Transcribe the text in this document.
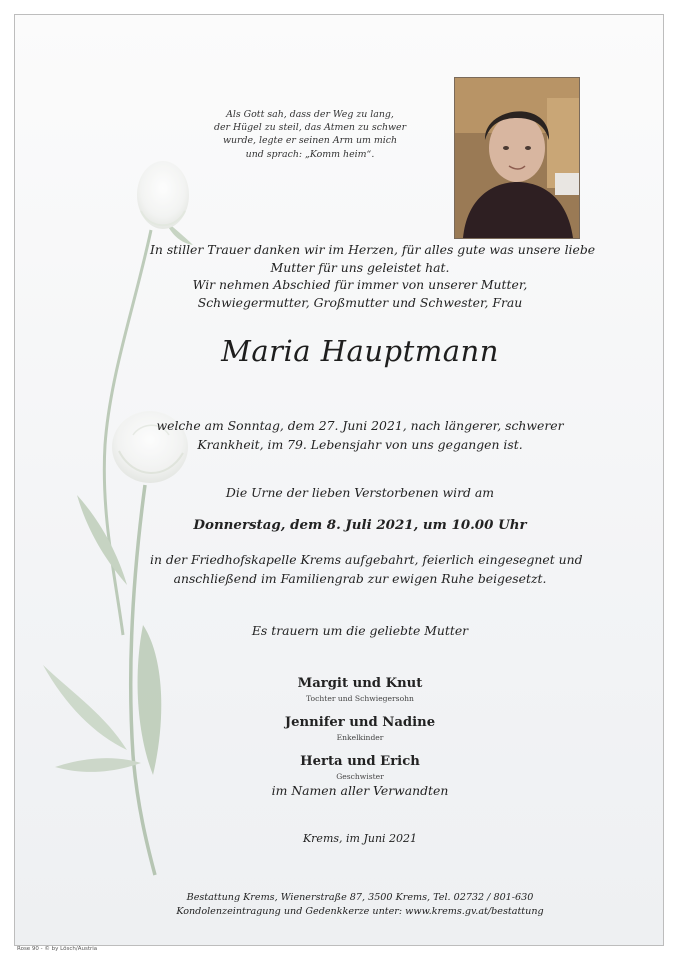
Als Gott sah, dass der Weg zu lang,
der Hügel zu steil, das Atmen zu schwer
wurde, legte er seinen Arm um mich
und sprach: „Komm heim“.
In stiller Trauer danken wir im Herzen, für alles gute was unsere liebe
Mutter für uns geleistet hat.
Wir nehmen Abschied für immer von unserer Mutter,
Schwiegermutter, Großmutter und Schwester, Frau
Maria Hauptmann
welche am Sonntag, dem 27. Juni 2021, nach längerer, schwerer
Krankheit, im 79. Lebensjahr von uns gegangen ist.
Die Urne der lieben Verstorbenen wird am
Donnerstag, dem 8. Juli 2021, um 10.00 Uhr
in der Friedhofskapelle Krems aufgebahrt, feierlich eingesegnet und
anschließend im Familiengrab zur ewigen Ruhe beigesetzt.
Es trauern um die geliebte Mutter
Margit und Knut
Tochter und Schwiegersohn
Jennifer und Nadine
Enkelkinder
Herta und Erich
Geschwister
im Namen aller Verwandten
Krems, im Juni 2021
Bestattung Krems, Wienerstraße 87, 3500 Krems, Tel. 02732 / 801-630
Kondolenzeintragung und Gedenkkerze unter: www.krems.gv.at/bestattung
Rose 90 - © by Lösch/Austria
